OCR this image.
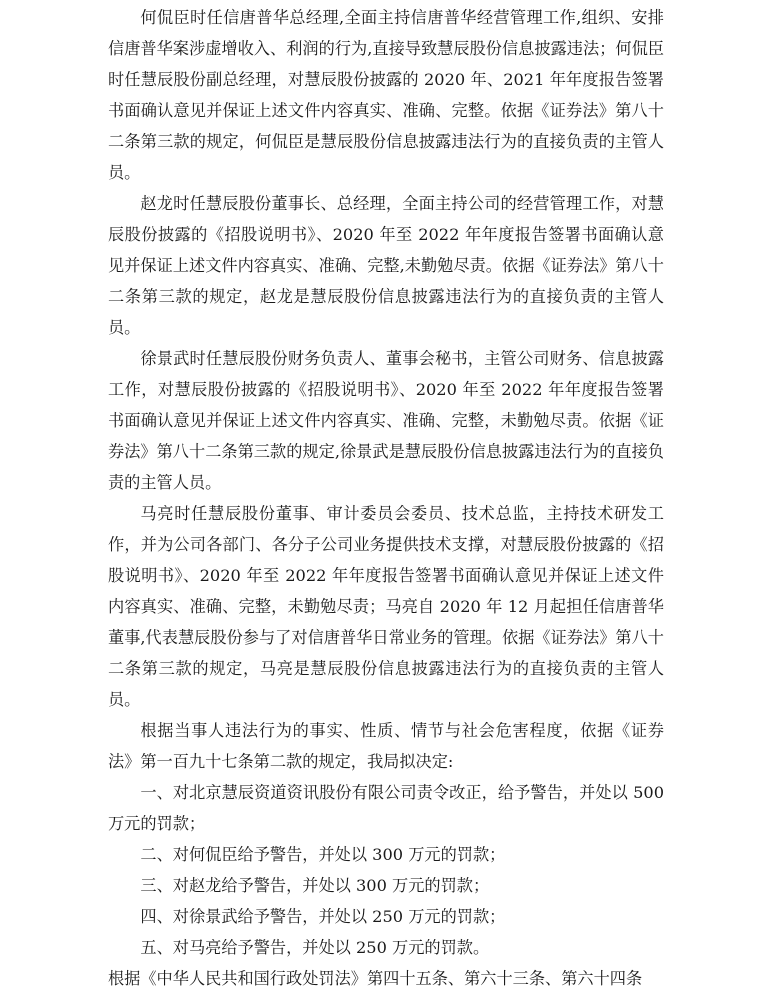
何侃臣时任信唐普华总经理,全面主持信唐普华经营管理工作,组织、安排信唐普华案涉虚增收入、利润的行为,直接导致慧辰股份信息披露违法；何侃臣时任慧辰股份副总经理，对慧辰股份披露的 2020 年、2021 年年度报告签署书面确认意见并保证上述文件内容真实、准确、完整。依据《证券法》第八十二条第三款的规定，何侃臣是慧辰股份信息披露违法行为的直接负责的主管人员。

赵龙时任慧辰股份董事长、总经理，全面主持公司的经营管理工作，对慧辰股份披露的《招股说明书》、2020 年至 2022 年年度报告签署书面确认意见并保证上述文件内容真实、准确、完整,未勤勉尽责。依据《证券法》第八十二条第三款的规定，赵龙是慧辰股份信息披露违法行为的直接负责的主管人员。

徐景武时任慧辰股份财务负责人、董事会秘书，主管公司财务、信息披露工作，对慧辰股份披露的《招股说明书》、2020 年至 2022 年年度报告签署书面确认意见并保证上述文件内容真实、准确、完整，未勤勉尽责。依据《证券法》第八十二条第三款的规定,徐景武是慧辰股份信息披露违法行为的直接负责的主管人员。

马亮时任慧辰股份董事、审计委员会委员、技术总监，主持技术研发工作，并为公司各部门、各分子公司业务提供技术支撑，对慧辰股份披露的《招股说明书》、2020 年至 2022 年年度报告签署书面确认意见并保证上述文件内容真实、准确、完整，未勤勉尽责；马亮自 2020 年 12 月起担任信唐普华董事,代表慧辰股份参与了对信唐普华日常业务的管理。依据《证券法》第八十二条第三款的规定，马亮是慧辰股份信息披露违法行为的直接负责的主管人员。

根据当事人违法行为的事实、性质、情节与社会危害程度，依据《证券法》第一百九十七条第二款的规定，我局拟决定:

一、对北京慧辰资道资讯股份有限公司责令改正，给予警告，并处以 500 万元的罚款；

二、对何侃臣给予警告，并处以 300 万元的罚款；

三、对赵龙给予警告，并处以 300 万元的罚款；

四、对徐景武给予警告，并处以 250 万元的罚款；

五、对马亮给予警告，并处以 250 万元的罚款。

根据《中华人民共和国行政处罚法》第四十五条、第六十三条、第六十四条
